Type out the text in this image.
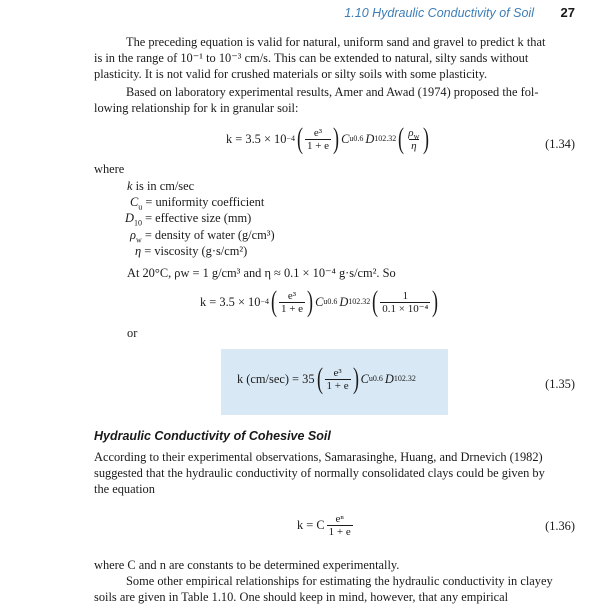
1.10 Hydraulic Conductivity of Soil 27
The preceding equation is valid for natural, uniform sand and gravel to predict k that
is in the range of 10⁻¹ to 10⁻³ cm/s. This can be extended to natural, silty sands without
plasticity. It is not valid for crushed materials or silty soils with some plasticity.
Based on laboratory experimental results, Amer and Awad (1974) proposed the fol-
lowing relationship for k in granular soil:
k = 3.5 × 10 −4 ( $\frac{\text{e³}}{1 + e}$ ) C u 0.6 D 10 2.32 ( $\frac{\rho_w}{\eta}$ )	(1.34)
where
k is in cm/sec
$C_u$ = uniformity coefficient
$D_{10}$ = effective size (mm)
$\rho_w$ = density of water (g/cm³)
η = viscosity (g·s/cm²)
At 20°C, ρw = 1 g/cm³ and η ≈ 0.1 × 10⁻⁴ g·s/cm². So
k = 3.5 × 10 −4 ( $\frac{\text{e³}}{1 + e}$ ) C u 0.6 D 10 2.32 ( $\frac{1}{\text{0.1 × 10⁻⁴}}$ )
or
k (cm/sec) = 35 ( $\frac{\text{e³}}{1 + e}$ ) C u 0.6 D 10 2.32	(1.35)
Hydraulic Conductivity of Cohesive Soil
According to their experimental observations, Samarasinghe, Huang, and Drnevich (1982)
suggested that the hydraulic conductivity of normally consolidated clays could be given by
the equation
k = C $\frac{\text{eⁿ}}{1 + e}$	(1.36)
where C and n are constants to be determined experimentally.
Some other empirical relationships for estimating the hydraulic conductivity in clayey
soils are given in Table 1.10. One should keep in mind, however, that any empirical
